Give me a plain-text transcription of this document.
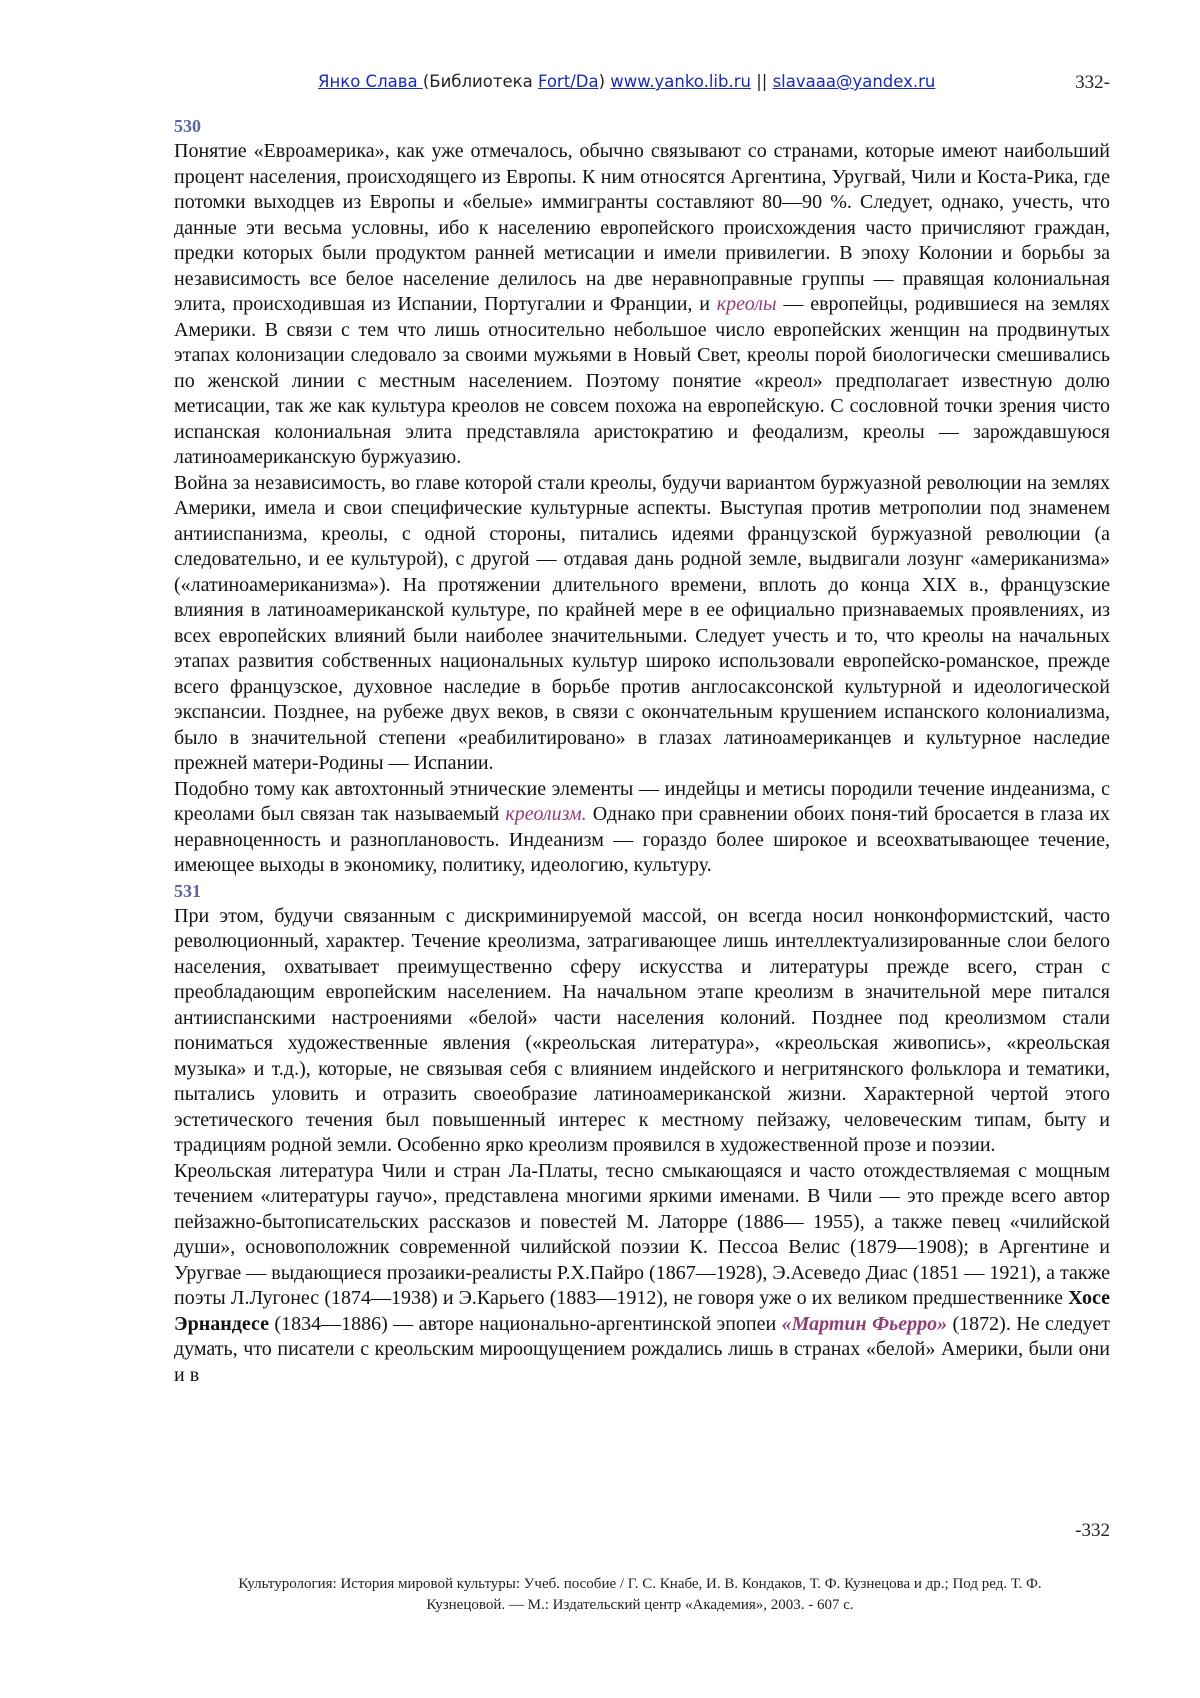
Янко Слава (Библиотека Fort/Da) www.yanko.lib.ru || slavaaa@yandex.ru	332-
530

Понятие «Евроамерика», как уже отмечалось, обычно связывают со странами, которые имеют наибольший процент населения, происходящего из Европы. К ним относятся Аргентина, Уругвай, Чили и Коста-Рика, где потомки выходцев из Европы и «белые» иммигранты составляют 80—90 %. Следует, однако, учесть, что данные эти весьма условны, ибо к населению европейского происхождения часто причисляют граждан, предки которых были продуктом ранней метисации и имели привилегии. В эпоху Колонии и борьбы за независимость все белое население делилось на две неравноправные группы — правящая колониальная элита, происходившая из Испании, Португалии и Франции, и креолы — европейцы, родившиеся на землях Америки. В связи с тем что лишь относительно небольшое число европейских женщин на продвинутых этапах колонизации следовало за своими мужьями в Новый Свет, креолы порой биологически смешивались по женской линии с местным населением. Поэтому понятие «креол» предполагает известную долю метисации, так же как культура креолов не совсем похожа на европейскую. С сословной точки зрения чисто испанская колониальная элита представляла аристократию и феодализм, креолы — зарождавшуюся латиноамериканскую буржуазию.

Война за независимость, во главе которой стали креолы, будучи вариантом буржуазной революции на землях Америки, имела и свои специфические культурные аспекты. Выступая против метрополии под знаменем антииспанизма, креолы, с одной стороны, питались идеями французской буржуазной революции (а следовательно, и ее культурой), с другой — отдавая дань родной земле, выдвигали лозунг «американизма» («латиноамериканизма»). На протяжении длительного времени, вплоть до конца XIX в., французские влияния в латиноамериканской культуре, по крайней мере в ее официально признаваемых проявлениях, из всех европейских влияний были наиболее значительными. Следует учесть и то, что креолы на начальных этапах развития собственных национальных культур широко использовали европейско-романское, прежде всего французское, духовное наследие в борьбе против англосаксонской культурной и идеологической экспансии. Позднее, на рубеже двух веков, в связи с окончательным крушением испанского колониализма, было в значительной степени «реабилитировано» в глазах латиноамериканцев и культурное наследие прежней матери-Родины — Испании.

Подобно тому как автохтонный этнические элементы — индейцы и метисы породили течение индеанизма, с креолами был связан так называемый креолизм. Однако при сравнении обоих поня-тий бросается в глаза их неравноценность и разноплановость. Индеанизм — гораздо более широкое и всеохватывающее течение, имеющее выходы в экономику, политику, идеологию, культуру.

531

При этом, будучи связанным с дискриминируемой массой, он всегда носил нонконформистский, часто революционный, характер. Течение креолизма, затрагивающее лишь интеллектуализированные слои белого населения, охватывает преимущественно сферу искусства и литературы прежде всего, стран с преобладающим европейским населением. На начальном этапе креолизм в значительной мере питался антииспанскими настроениями «белой» части населения колоний. Позднее под креолизмом стали пониматься художественные явления («креольская литература», «креольская живопись», «креольская музыка» и т.д.), которые, не связывая себя с влиянием индейского и негритянского фольклора и тематики, пытались уловить и отразить своеобразие латиноамериканской жизни. Характерной чертой этого эстетического течения был повышенный интерес к местному пейзажу, человеческим типам, быту и традициям родной земли. Особенно ярко креолизм проявился в художественной прозе и поэзии.

Креольская литература Чили и стран Ла-Платы, тесно смыкающаяся и часто отождествляемая с мощным течением «литературы гаучо», представлена многими яркими именами. В Чили — это прежде всего автор пейзажно-бытописательских рассказов и повестей М. Латорре (1886— 1955), а также певец «чилийской души», основоположник современной чилийской поэзии К. Пессоа Велис (1879—1908); в Аргентине и Уругвае — выдающиеся прозаики-реалисты Р.Х.Пайро (1867—1928), Э.Асеведо Диас (1851 — 1921), а также поэты Л.Лугонес (1874—1938) и Э.Карьего (1883—1912), не говоря уже о их великом предшественнике Хосе Эрнандесе (1834—1886) — авторе национально-аргентинской эпопеи «Мартин Фьерро» (1872). Не следует думать, что писатели с креольским мироощущением рождались лишь в странах «белой» Америки, были они и в

-332
Культурология: История мировой культуры: Учеб. пособие / Г. С. Кнабе, И. В. Кондаков, Т. Ф. Кузнецова и др.; Под ред. Т. Ф.
Кузнецовой. — М.: Издательский центр «Академия», 2003. - 607 с.
